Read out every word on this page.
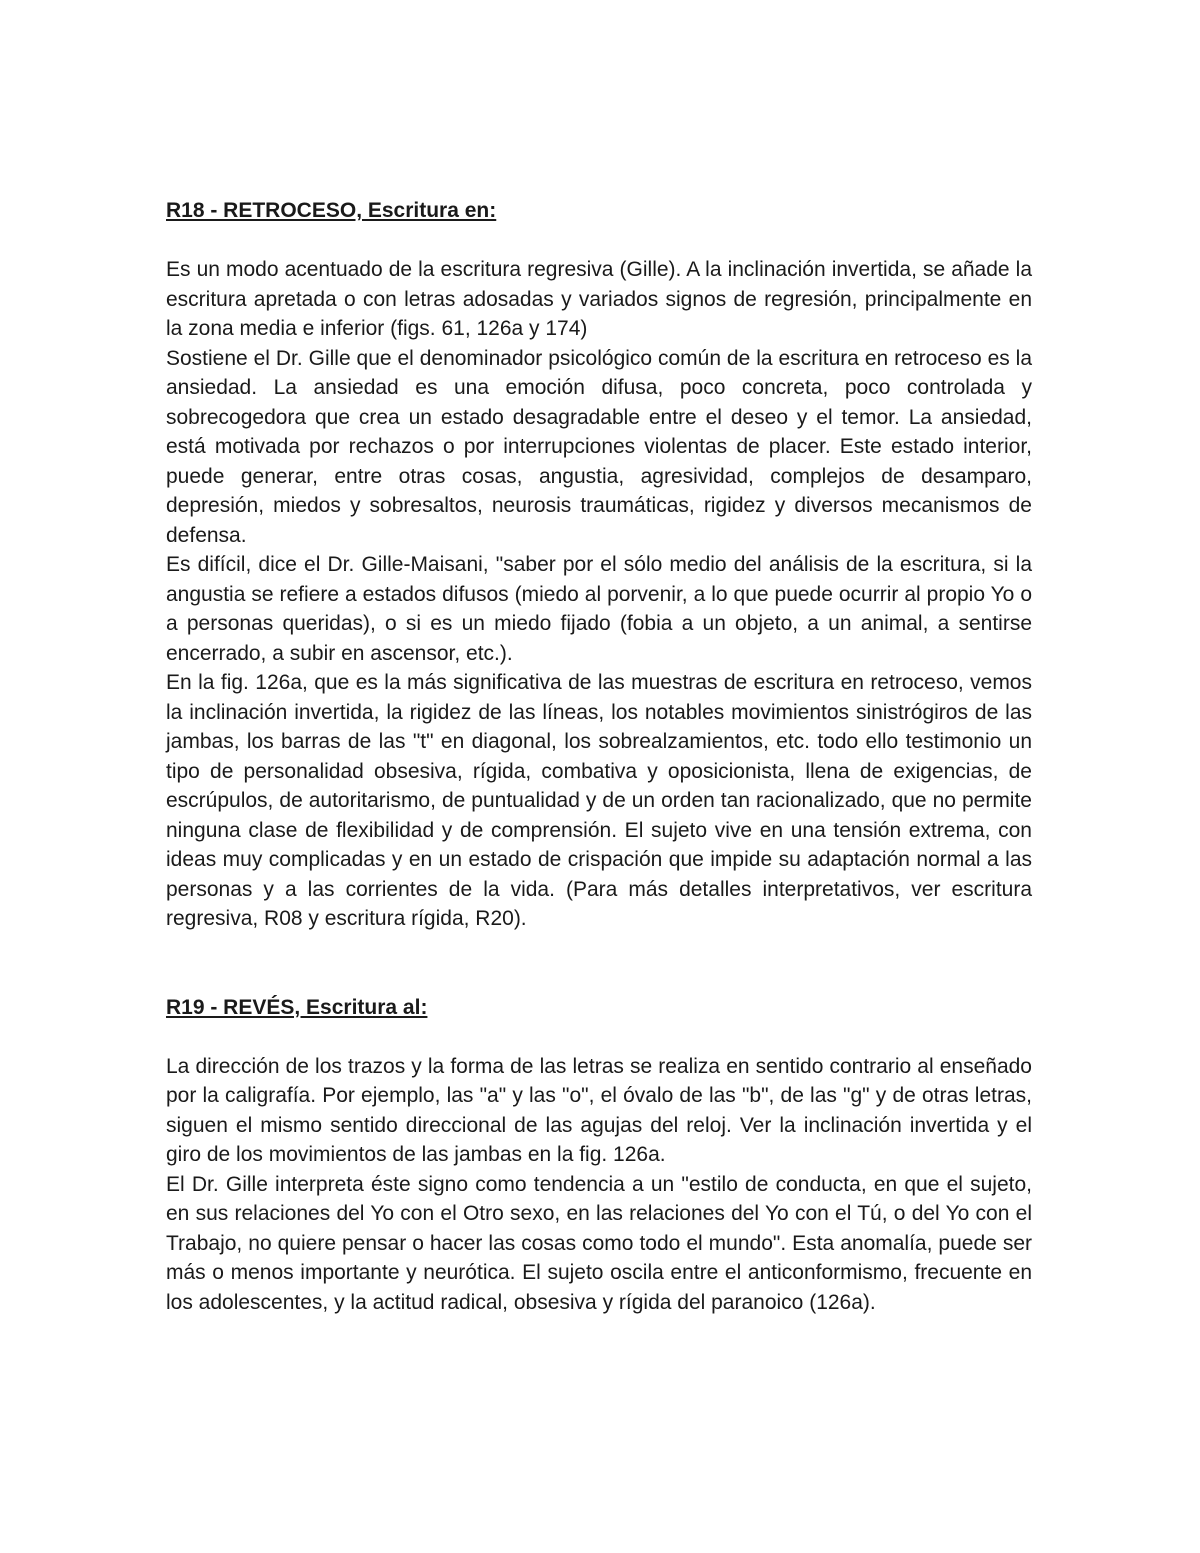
R18 - RETROCESO, Escritura en:

Es un modo acentuado de la escritura regresiva (Gille). A la inclinación invertida, se añade la escritura apretada o con letras adosadas y variados signos de regresión, principalmente en la zona media e inferior (figs. 61, 126a y 174)

Sostiene el Dr. Gille que el denominador psicológico común de la escritura en retroceso es la ansiedad. La ansiedad es una emoción difusa, poco concreta, poco controlada y sobrecogedora que crea un estado desagradable entre el deseo y el temor. La ansiedad, está motivada por rechazos o por interrupciones violentas de placer. Este estado interior, puede generar, entre otras cosas, angustia, agresividad, complejos de desamparo, depresión, miedos y sobresaltos, neurosis traumáticas, rigidez y diversos mecanismos de defensa.

Es difícil, dice el Dr. Gille-Maisani, "saber por el sólo medio del análisis de la escritura, si la angustia se refiere a estados difusos (miedo al porvenir, a lo que puede ocurrir al propio Yo o a personas queridas), o si es un miedo fijado (fobia a un objeto, a un animal, a sentirse encerrado, a subir en ascensor, etc.).

En la fig. 126a, que es la más significativa de las muestras de escritura en retroceso, vemos la inclinación invertida, la rigidez de las líneas, los notables movimientos sinistrógiros de las jambas, los barras de las "t" en diagonal, los sobrealzamientos, etc. todo ello testimonio un tipo de personalidad obsesiva, rígida, combativa y oposicionista, llena de exigencias, de escrúpulos, de autoritarismo, de puntualidad y de un orden tan racionalizado, que no permite ninguna clase de flexibilidad y de comprensión. El sujeto vive en una tensión extrema, con ideas muy complicadas y en un estado de crispación que impide su adaptación normal a las personas y a las corrientes de la vida. (Para más detalles interpretativos, ver escritura regresiva, R08 y escritura rígida, R20).

R19 - REVÉS, Escritura al:

La dirección de los trazos y la forma de las letras se realiza en sentido contrario al enseñado por la caligrafía. Por ejemplo, las "a" y las "o", el óvalo de las "b", de las "g" y de otras letras, siguen el mismo sentido direccional de las agujas del reloj. Ver la inclinación invertida y el giro de los movimientos de las jambas en la fig. 126a.

El Dr. Gille interpreta éste signo como tendencia a un "estilo de conducta, en que el sujeto, en sus relaciones del Yo con el Otro sexo, en las relaciones del Yo con el Tú, o del Yo con el Trabajo, no quiere pensar o hacer las cosas como todo el mundo". Esta anomalía, puede ser más o menos importante y neurótica. El sujeto oscila entre el anticonformismo, frecuente en los adolescentes, y la actitud radical, obsesiva y rígida del paranoico (126a).
